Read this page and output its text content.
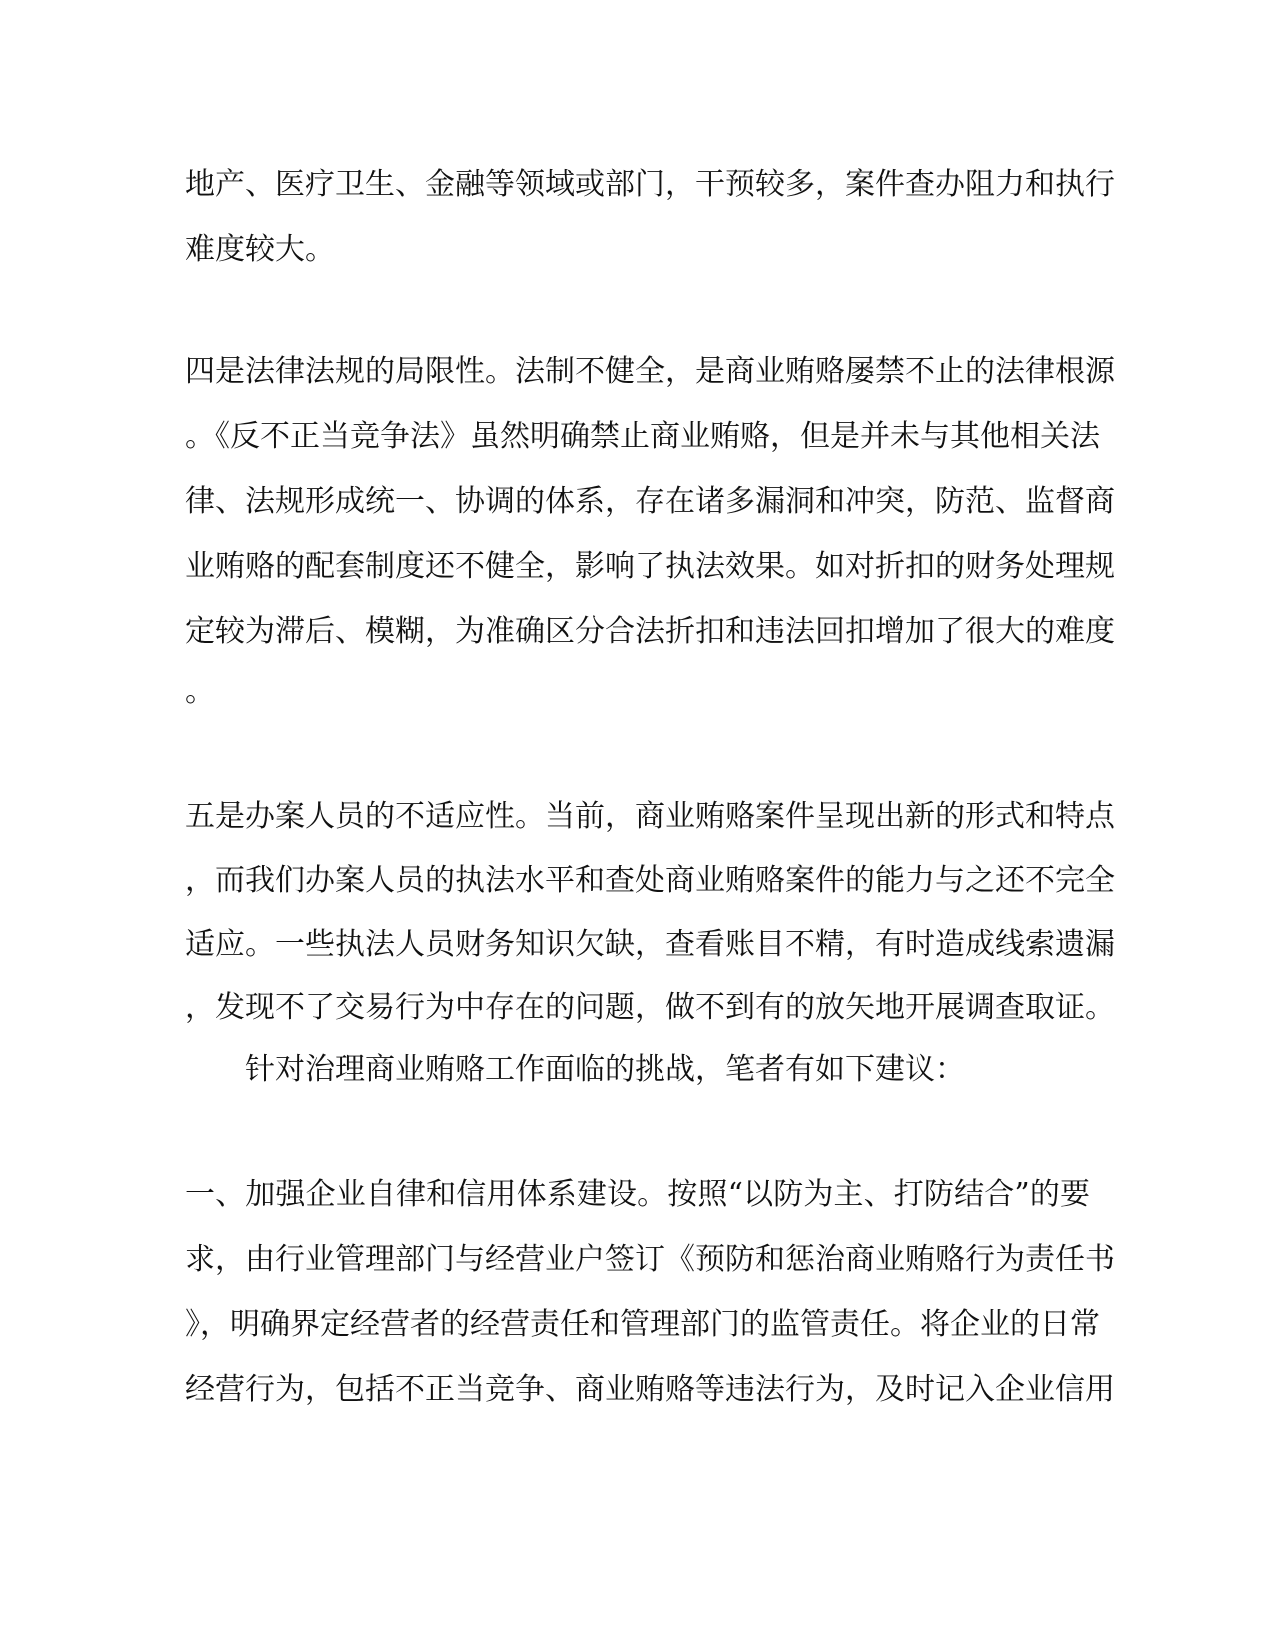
地产、医疗卫生、金融等领域或部门，干预较多，案件查办阻力和执行

难度较大。

四是法律法规的局限性。法制不健全，是商业贿赂屡禁不止的法律根源

。《反不正当竞争法》虽然明确禁止商业贿赂，但是并未与其他相关法

律、法规形成统一、协调的体系，存在诸多漏洞和冲突，防范、监督商

业贿赂的配套制度还不健全，影响了执法效果。如对折扣的财务处理规

定较为滞后、模糊，为准确区分合法折扣和违法回扣增加了很大的难度

。

五是办案人员的不适应性。当前，商业贿赂案件呈现出新的形式和特点

，而我们办案人员的执法水平和查处商业贿赂案件的能力与之还不完全

适应。一些执法人员财务知识欠缺，查看账目不精，有时造成线索遗漏

，发现不了交易行为中存在的问题，做不到有的放矢地开展调查取证。

针对治理商业贿赂工作面临的挑战，笔者有如下建议：

一、加强企业自律和信用体系建设。按照“以防为主、打防结合”的要

求，由行业管理部门与经营业户签订《预防和惩治商业贿赂行为责任书

》，明确界定经营者的经营责任和管理部门的监管责任。将企业的日常

经营行为，包括不正当竞争、商业贿赂等违法行为，及时记入企业信用
